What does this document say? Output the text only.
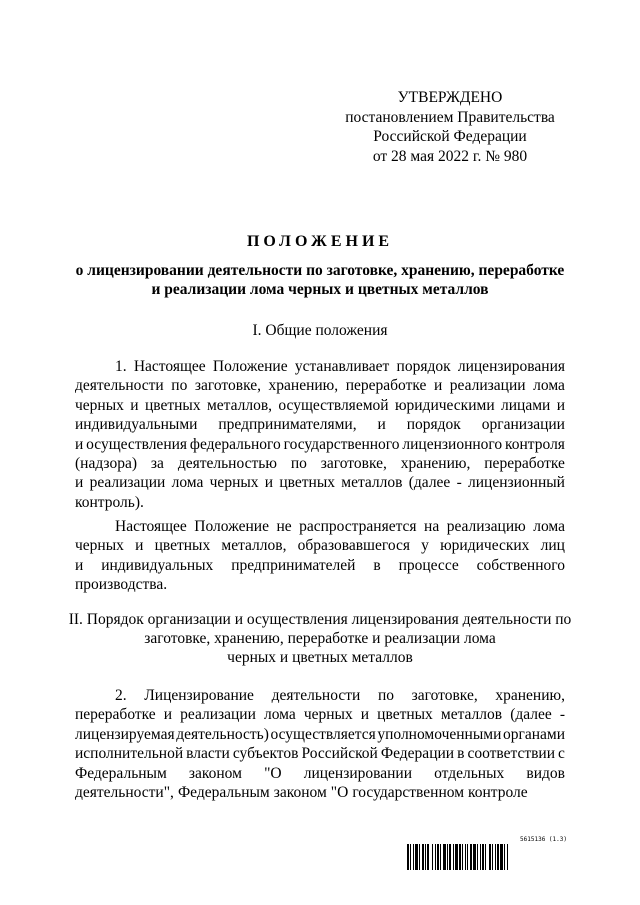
УТВЕРЖДЕНО
постановлением Правительства
Российской Федерации
от 28 мая 2022 г. № 980
ПОЛОЖЕНИЕ
о лицензировании деятельности по заготовке, хранению, переработке
и реализации лома черных и цветных металлов
I. Общие положения
1. Настоящее Положение устанавливает порядок лицензирования
деятельности по заготовке, хранению, переработке и реализации лома
черных и цветных металлов, осуществляемой юридическими лицами и
индивидуальными предпринимателями, и порядок организации
и осуществления федерального государственного лицензионного контроля
(надзора) за деятельностью по заготовке, хранению, переработке
и реализации лома черных и цветных металлов (далее - лицензионный
контроль).
Настоящее Положение не распространяется на реализацию лома
черных и цветных металлов, образовавшегося у юридических лиц
и индивидуальных предпринимателей в процессе собственного
производства.
II. Порядок организации и осуществления лицензирования деятельности по
заготовке, хранению, переработке и реализации лома
черных и цветных металлов
2. Лицензирование деятельности по заготовке, хранению,
переработке и реализации лома черных и цветных металлов (далее -
лицензируемая деятельность) осуществляется уполномоченными органами
исполнительной власти субъектов Российской Федерации в соответствии с
Федеральным законом "О лицензировании отдельных видов
деятельности", Федеральным законом "О государственном контроле
5615136 (1.3)
